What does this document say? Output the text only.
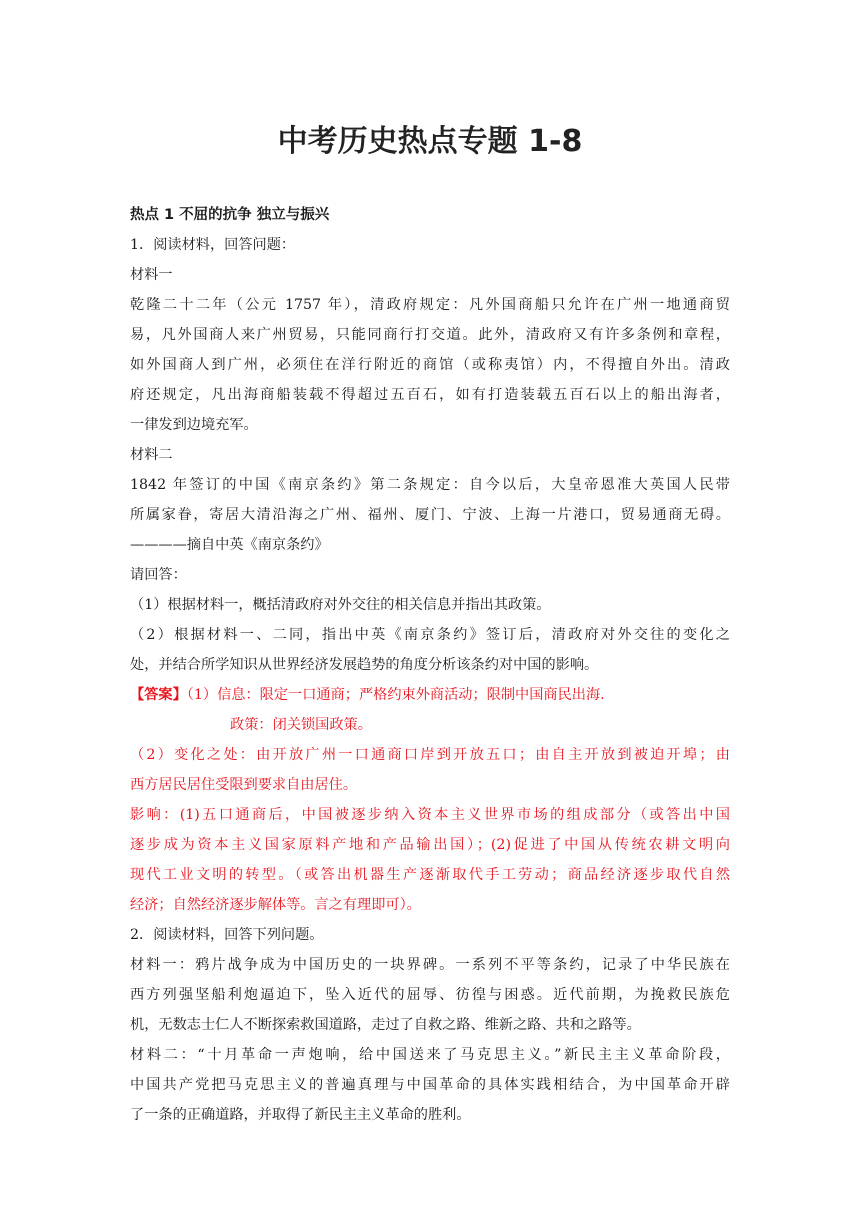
中考历史热点专题 1-8
热点 1 不屈的抗争 独立与振兴
1．阅读材料，回答问题：
材料一
乾隆二十二年（公元 1757 年），清政府规定：凡外国商船只允许在广州一地通商贸
易，凡外国商人来广州贸易，只能同商行打交道。此外，清政府又有许多条例和章程，
如外国商人到广州，必须住在洋行附近的商馆（或称夷馆）内，不得擅自外出。清政
府还规定，凡出海商船装载不得超过五百石，如有打造装载五百石以上的船出海者，
一律发到边境充军。
材料二
1842 年签订的中国《南京条约》第二条规定：自今以后，大皇帝恩准大英国人民带
所属家眷，寄居大清沿海之广州、福州、厦门、宁波、上海一片港口，贸易通商无碍。
————摘自中英《南京条约》
请回答：
（1）根据材料一，概括清政府对外交往的相关信息并指出其政策。
（2）根据材料一、二同，指出中英《南京条约》签订后，清政府对外交往的变化之
处，并结合所学知识从世界经济发展趋势的角度分析该条约对中国的影响。
【答案】（1）信息：限定一口通商；严格约束外商活动；限制中国商民出海.
政策：闭关锁国政策。
（2）变化之处：由开放广州一口通商口岸到开放五口；由自主开放到被迫开埠；由
西方居民居住受限到要求自由居住。
影响：(1)五口通商后，中国被逐步纳入资本主义世界市场的组成部分（或答出中国
逐步成为资本主义国家原料产地和产品输出国）；(2)促进了中国从传统农耕文明向
现代工业文明的转型。（或答出机器生产逐渐取代手工劳动；商品经济逐步取代自然
经济；自然经济逐步解体等。言之有理即可）。
2．阅读材料，回答下列问题。
材料一：鸦片战争成为中国历史的一块界碑。一系列不平等条约，记录了中华民族在
西方列强坚船利炮逼迫下，坠入近代的屈辱、彷徨与困惑。近代前期，为挽救民族危
机，无数志士仁人不断探索救国道路，走过了自救之路、维新之路、共和之路等。
材料二：“十月革命一声炮响，给中国送来了马克思主义。”新民主主义革命阶段，
中国共产党把马克思主义的普遍真理与中国革命的具体实践相结合，为中国革命开辟
了一条的正确道路，并取得了新民主主义革命的胜利。
